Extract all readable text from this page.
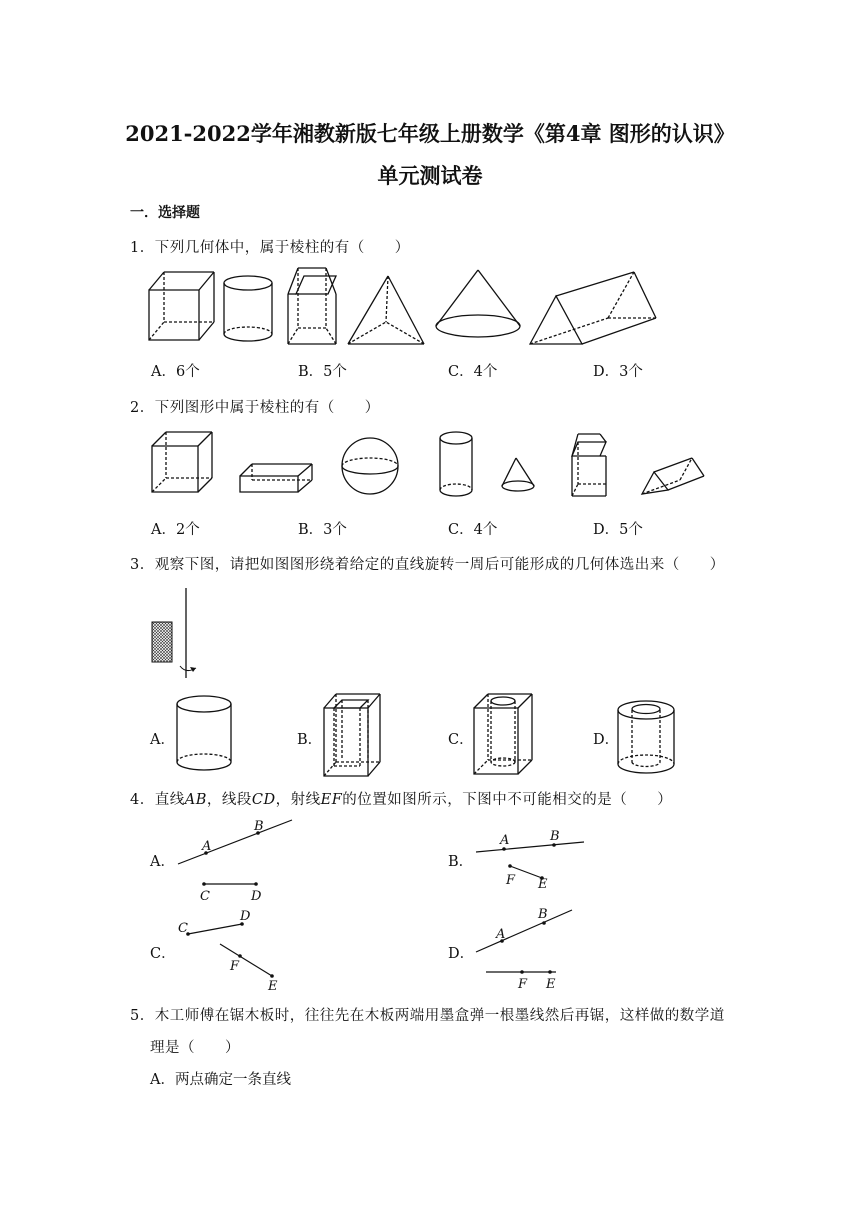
2021-2022学年湘教新版七年级上册数学《第4章 图形的认识》
单元测试卷
一．选择题
1．下列几何体中，属于棱柱的有（　　）
A．6个	B．5个	C．4个	D．3个
2．下列图形中属于棱柱的有（　　）
A．2个	B．3个	C．4个	D．5个
3．观察下图，请把如图图形绕着给定的直线旋转一周后可能形成的几何体选出来（　　）
A．	B．	C．	D．
4．直线AB，线段CD，射线EF的位置如图所示，下图中不可能相交的是（　　）
A．	B．
C．	D．
A
B
C	D
A	B
F E
C
D
F
E
A
B
F E
5．木工师傅在锯木板时，往往先在木板两端用墨盒弹一根墨线然后再锯，这样做的数学道
理是（　　）
A．两点确定一条直线
